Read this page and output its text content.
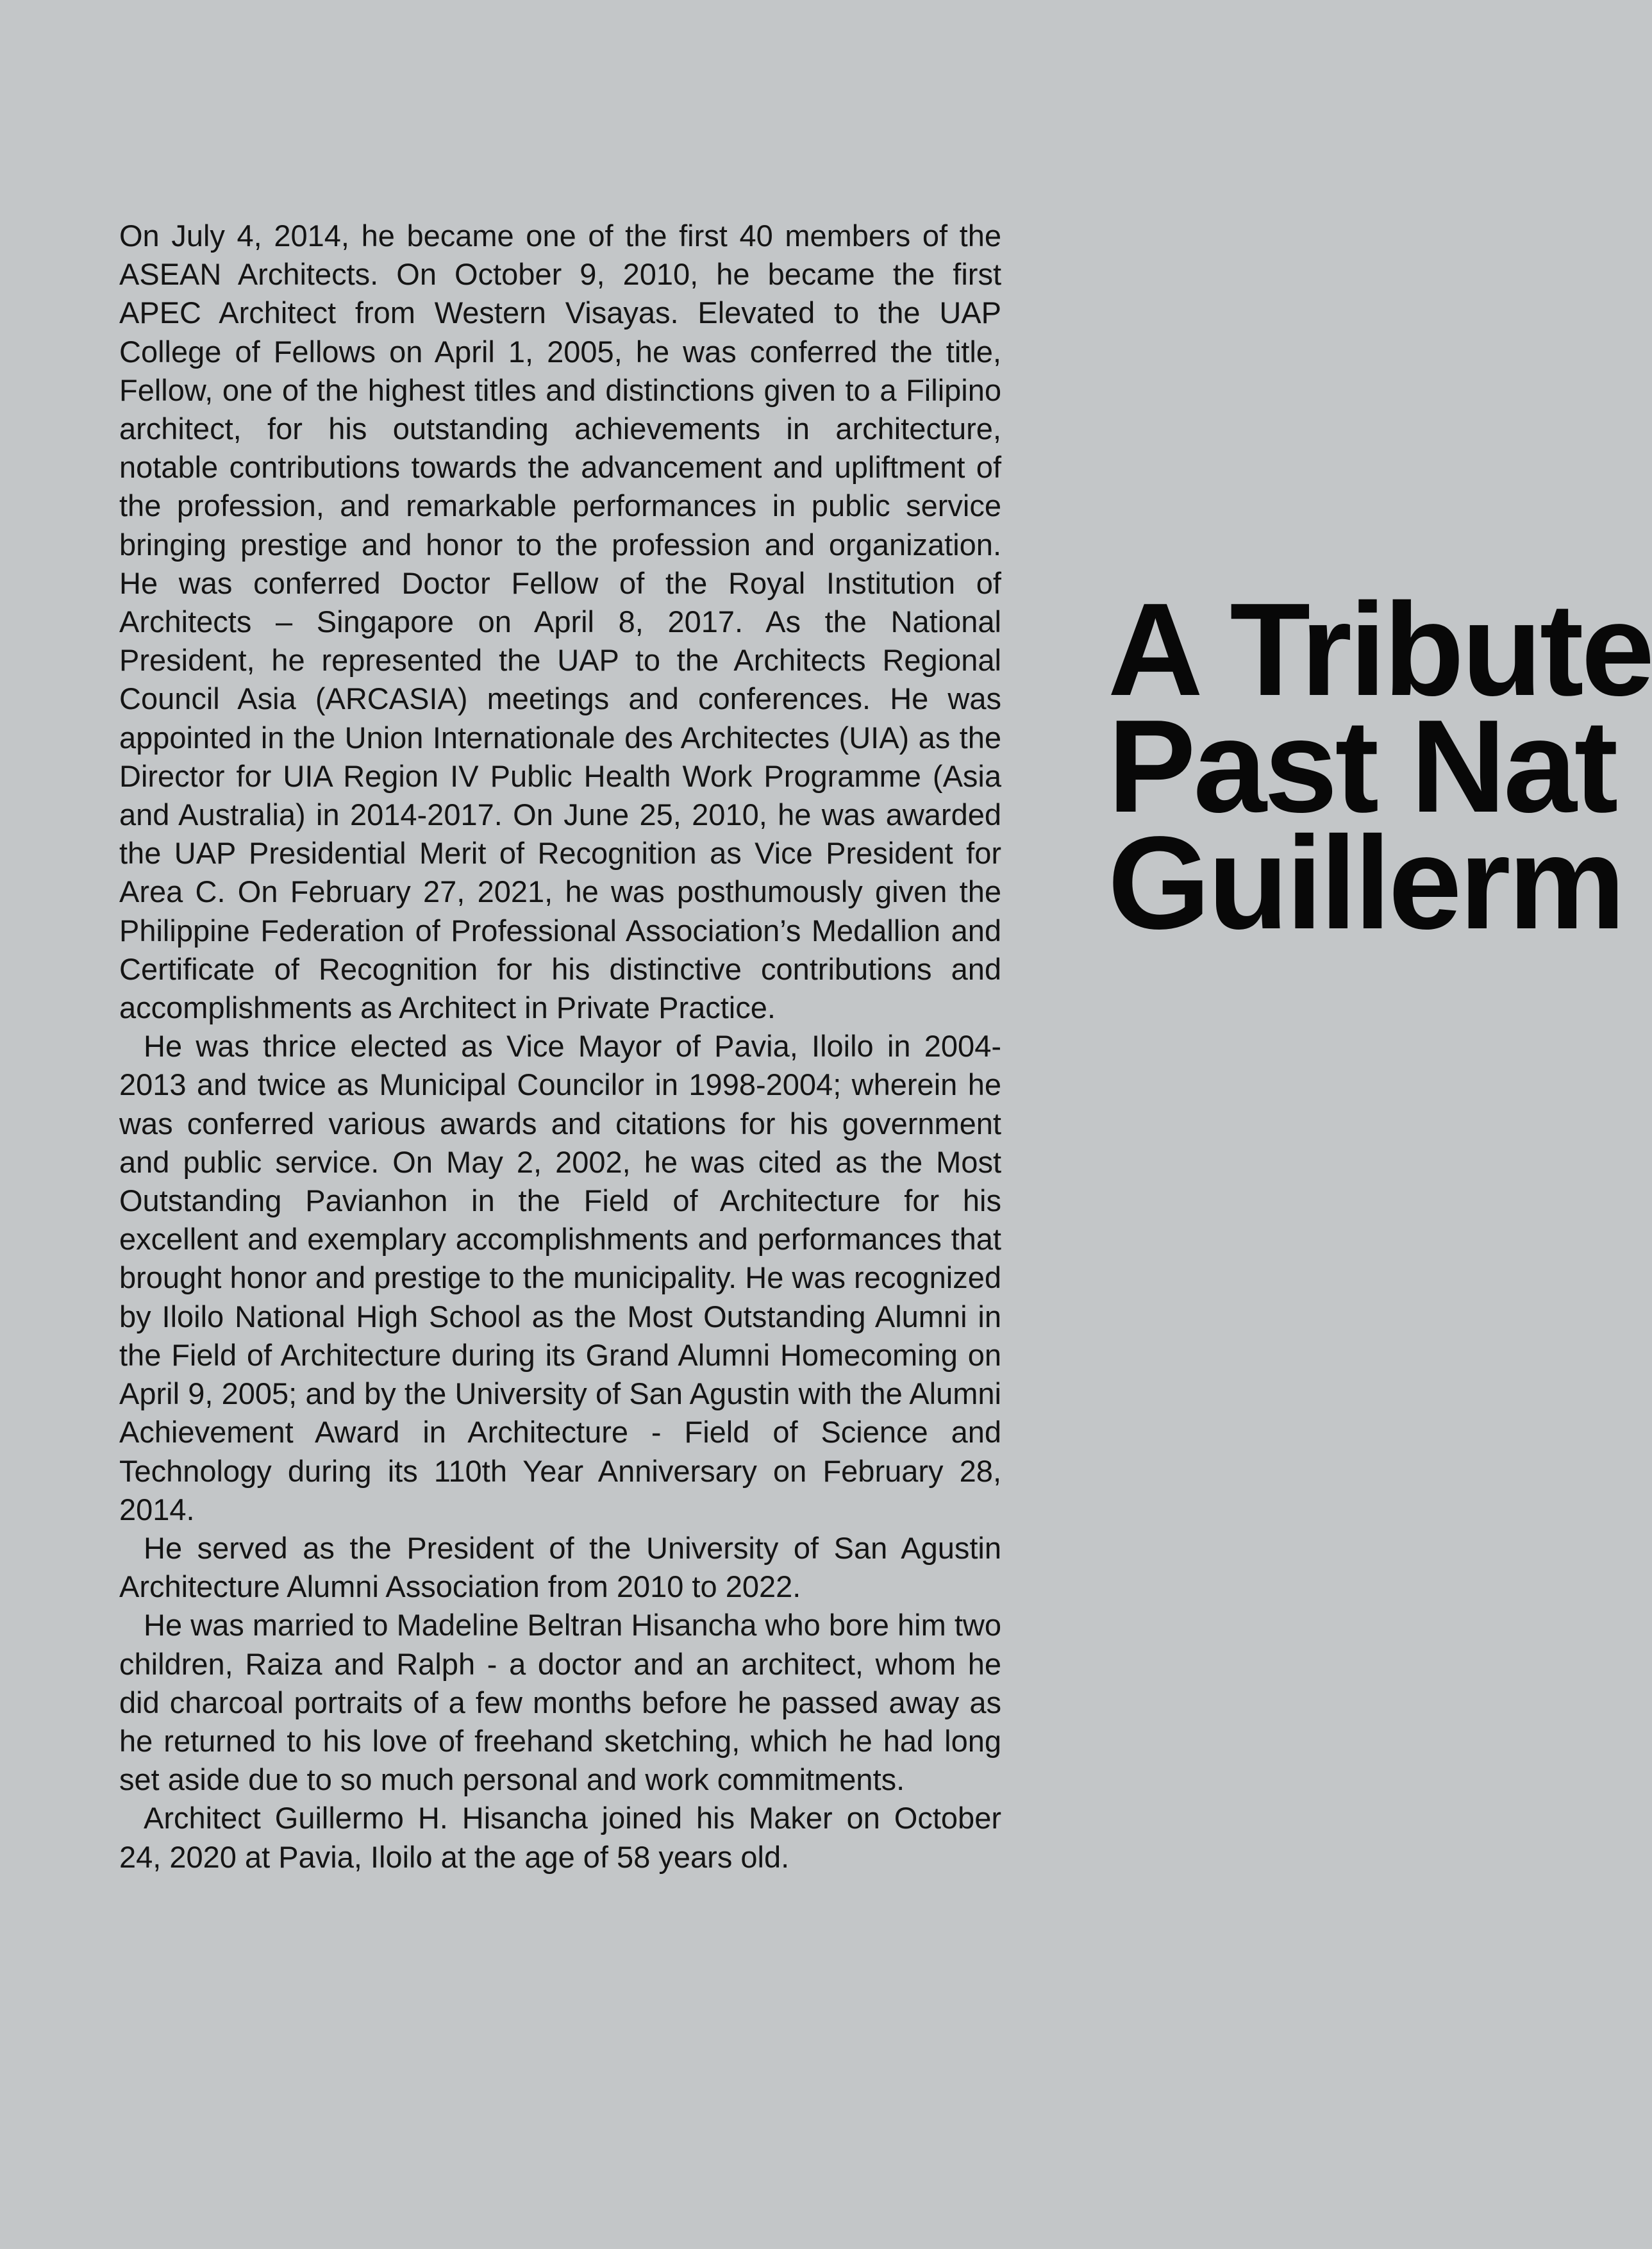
On July 4, 2014, he became one of the first 40 members of the ASEAN Architects. On October 9, 2010, he became the first APEC Architect from Western Visayas. Elevated to the UAP College of Fellows on April 1, 2005, he was conferred the title, Fellow, one of the highest titles and distinctions given to a Filipino architect, for his outstanding achievements in architecture, notable contributions towards the advancement and upliftment of the profession, and remarkable performances in public service bringing prestige and honor to the profession and organization. He was conferred Doctor Fellow of the Royal Institution of Architects – Singapore on April 8, 2017. As the National President, he represented the UAP to the Architects Regional Council Asia (ARCASIA) meetings and conferences. He was appointed in the Union Internationale des Architectes (UIA) as the Director for UIA Region IV Public Health Work Programme (Asia and Australia) in 2014-2017. On June 25, 2010, he was awarded the UAP Presidential Merit of Recognition as Vice President for Area C. On February 27, 2021, he was posthumously given the Philippine Federation of Professional Association’s Medallion and Certificate of Recognition for his distinctive contributions and accomplishments as Architect in Private Practice.

He was thrice elected as Vice Mayor of Pavia, Iloilo in 2004-2013 and twice as Municipal Councilor in 1998-2004; wherein he was conferred various awards and citations for his government and public service. On May 2, 2002, he was cited as the Most Outstanding Pavianhon in the Field of Architecture for his excellent and exemplary accomplishments and performances that brought honor and prestige to the municipality. He was recognized by Iloilo National High School as the Most Outstanding Alumni in the Field of Architecture during its Grand Alumni Homecoming on April 9, 2005; and by the University of San Agustin with the Alumni Achievement Award in Architecture - Field of Science and Technology during its 110th Year Anniversary on February 28, 2014.

He served as the President of the University of San Agustin Architecture Alumni Association from 2010 to 2022.

He was married to Madeline Beltran Hisancha who bore him two children, Raiza and Ralph - a doctor and an architect, whom he did charcoal portraits of a few months before he passed away as he returned to his love of freehand sketching, which he had long set aside due to so much personal and work commitments.

Architect Guillermo H. Hisancha joined his Maker on October 24, 2020 at Pavia, Iloilo at the age of 58 years old.

A Tribute
Past Nat
Guillerm
